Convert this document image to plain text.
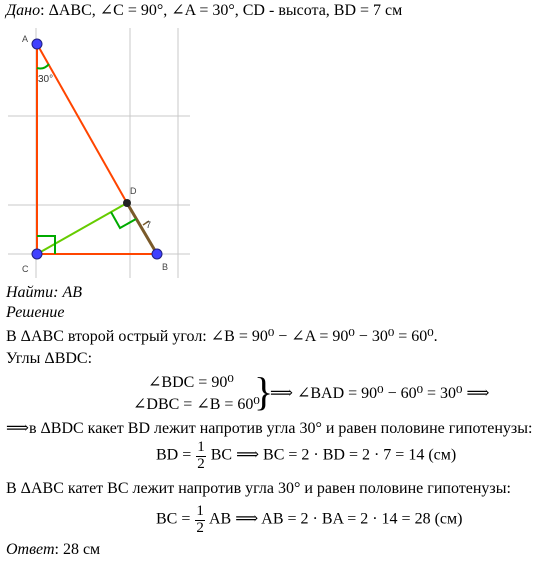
Дано: ΔABC, ∠C = 90°, ∠A = 30°, CD - высота, BD = 7 см
A
C	B
D
30°
7
Найти: AB
Решение
В ΔABC второй острый угол: ∠B = 90⁰ − ∠A = 90⁰ − 30⁰ = 60⁰.
Углы ΔBDC:
∠BDC = 90⁰
∠DBC = ∠B = 60⁰
}
⟹ ∠BAD = 90⁰ − 60⁰ = 30⁰ ⟹
⟹в ΔBDC какет BD лежит напротив угла 30° и равен половине гипотенузы:
BD = $\frac{1}{2}$ BC ⟹ BC = 2 · BD = 2 · 7 = 14 (см)
В ΔABC катет BC лежит напротив угла 30° и равен половине гипотенузы:
BC = $\frac{1}{2}$ AB ⟹ AB = 2 · BA = 2 · 14 = 28 (см)
Ответ: 28 см
